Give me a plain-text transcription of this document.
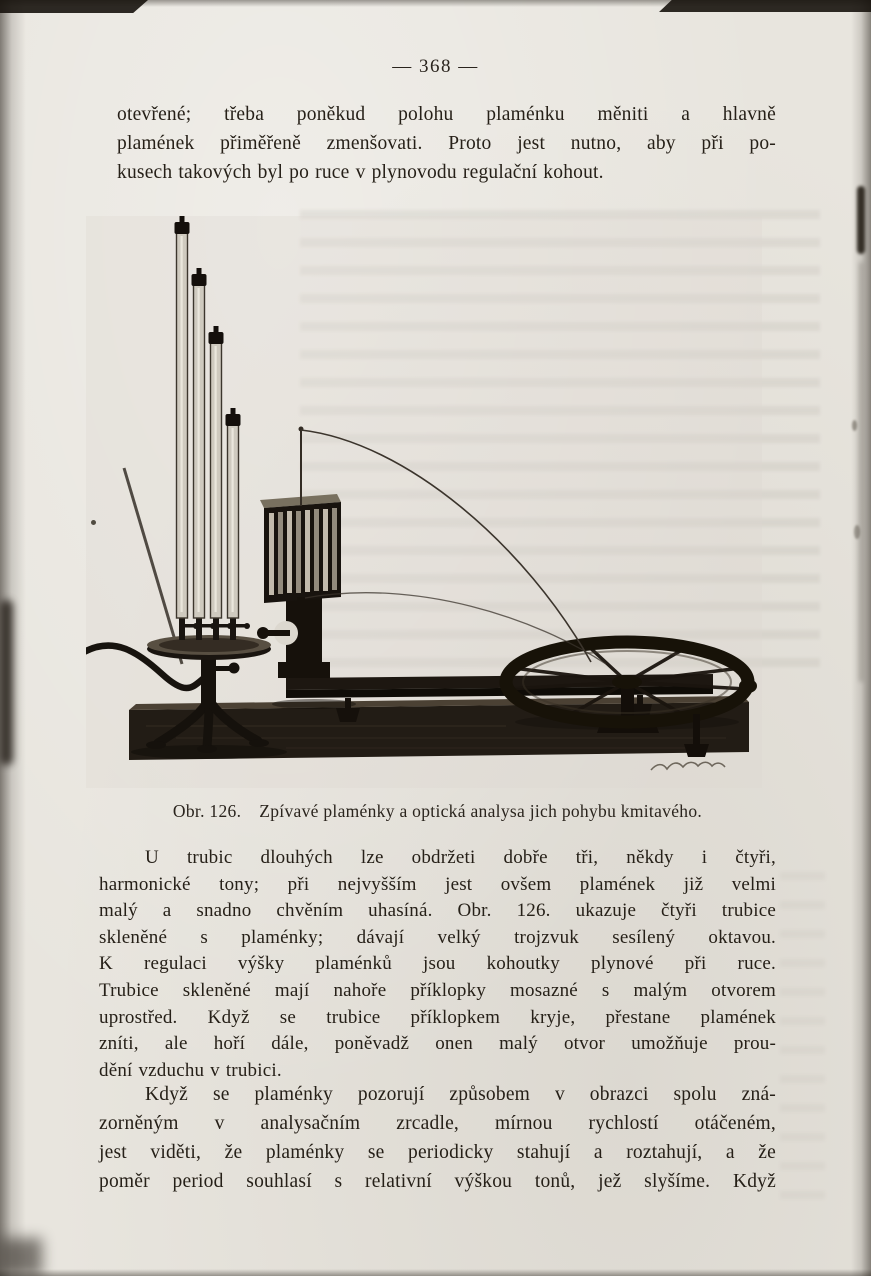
— 368 —
otevřené; třeba poněkud polohu plaménku měniti a hlavně
plamének přiměřeně zmenšovati. Proto jest nutno, aby při po-
kusech takových byl po ruce v plynovodu regulační kohout.
Obr. 126. Zpívavé plaménky a optická analysa jich pohybu kmitavého.
U trubic dlouhých lze obdržeti dobře tři, někdy i čtyři,
harmonické tony; při nejvyšším jest ovšem plamének již velmi
malý a snadno chvěním uhasíná. Obr. 126. ukazuje čtyři trubice
skleněné s plaménky; dávají velký trojzvuk sesílený oktavou.
K regulaci výšky plaménků jsou kohoutky plynové při ruce.
Trubice skleněné mají nahoře příklopky mosazné s malým otvorem
uprostřed. Když se trubice příklopkem kryje, přestane plamének
zníti, ale hoří dále, poněvadž onen malý otvor umožňuje prou-
dění vzduchu v trubici.
Když se plaménky pozorují způsobem v obrazci spolu zná-
zorněným v analysačním zrcadle, mírnou rychlostí otáčeném,
jest viděti, že plaménky se periodicky stahují a roztahují, a že
poměr period souhlasí s relativní výškou tonů, jež slyšíme. Když
